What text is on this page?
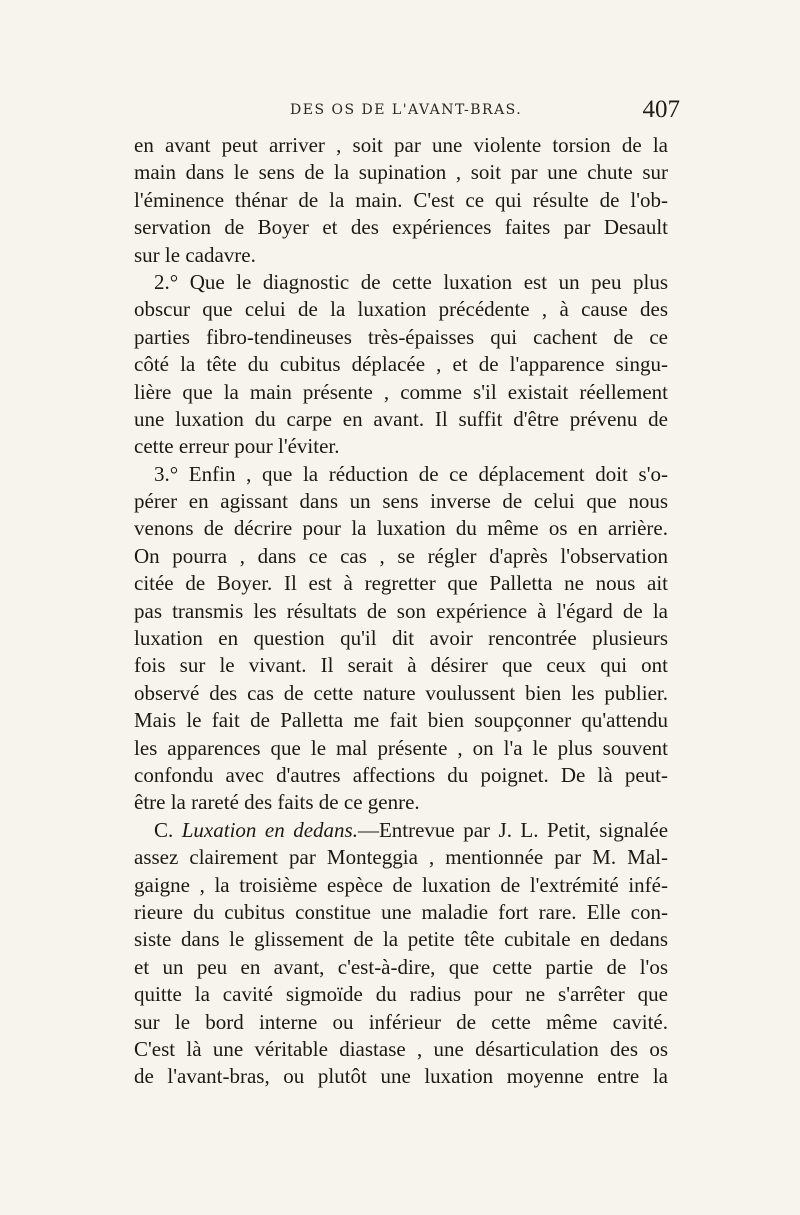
DES OS DE L'AVANT-BRAS.	407
en avant peut arriver , soit par une violente torsion de la
main dans le sens de la supination , soit par une chute sur
l'éminence thénar de la main. C'est ce qui résulte de l'ob-
servation de Boyer et des expériences faites par Desault
sur le cadavre.
2.° Que le diagnostic de cette luxation est un peu plus
obscur que celui de la luxation précédente , à cause des
parties fibro-tendineuses très-épaisses qui cachent de ce
côté la tête du cubitus déplacée , et de l'apparence singu-
lière que la main présente , comme s'il existait réellement
une luxation du carpe en avant. Il suffit d'être prévenu de
cette erreur pour l'éviter.
3.° Enfin , que la réduction de ce déplacement doit s'o-
pérer en agissant dans un sens inverse de celui que nous
venons de décrire pour la luxation du même os en arrière.
On pourra , dans ce cas , se régler d'après l'observation
citée de Boyer. Il est à regretter que Palletta ne nous ait
pas transmis les résultats de son expérience à l'égard de la
luxation en question qu'il dit avoir rencontrée plusieurs
fois sur le vivant. Il serait à désirer que ceux qui ont
observé des cas de cette nature voulussent bien les publier.
Mais le fait de Palletta me fait bien soupçonner qu'attendu
les apparences que le mal présente , on l'a le plus souvent
confondu avec d'autres affections du poignet. De là peut-
être la rareté des faits de ce genre.
C. Luxation en dedans.—Entrevue par J. L. Petit, signalée
assez clairement par Monteggia , mentionnée par M. Mal-
gaigne , la troisième espèce de luxation de l'extrémité infé-
rieure du cubitus constitue une maladie fort rare. Elle con-
siste dans le glissement de la petite tête cubitale en dedans
et un peu en avant, c'est-à-dire, que cette partie de l'os
quitte la cavité sigmoïde du radius pour ne s'arrêter que
sur le bord interne ou inférieur de cette même cavité.
C'est là une véritable diastase , une désarticulation des os
de l'avant-bras, ou plutôt une luxation moyenne entre la
